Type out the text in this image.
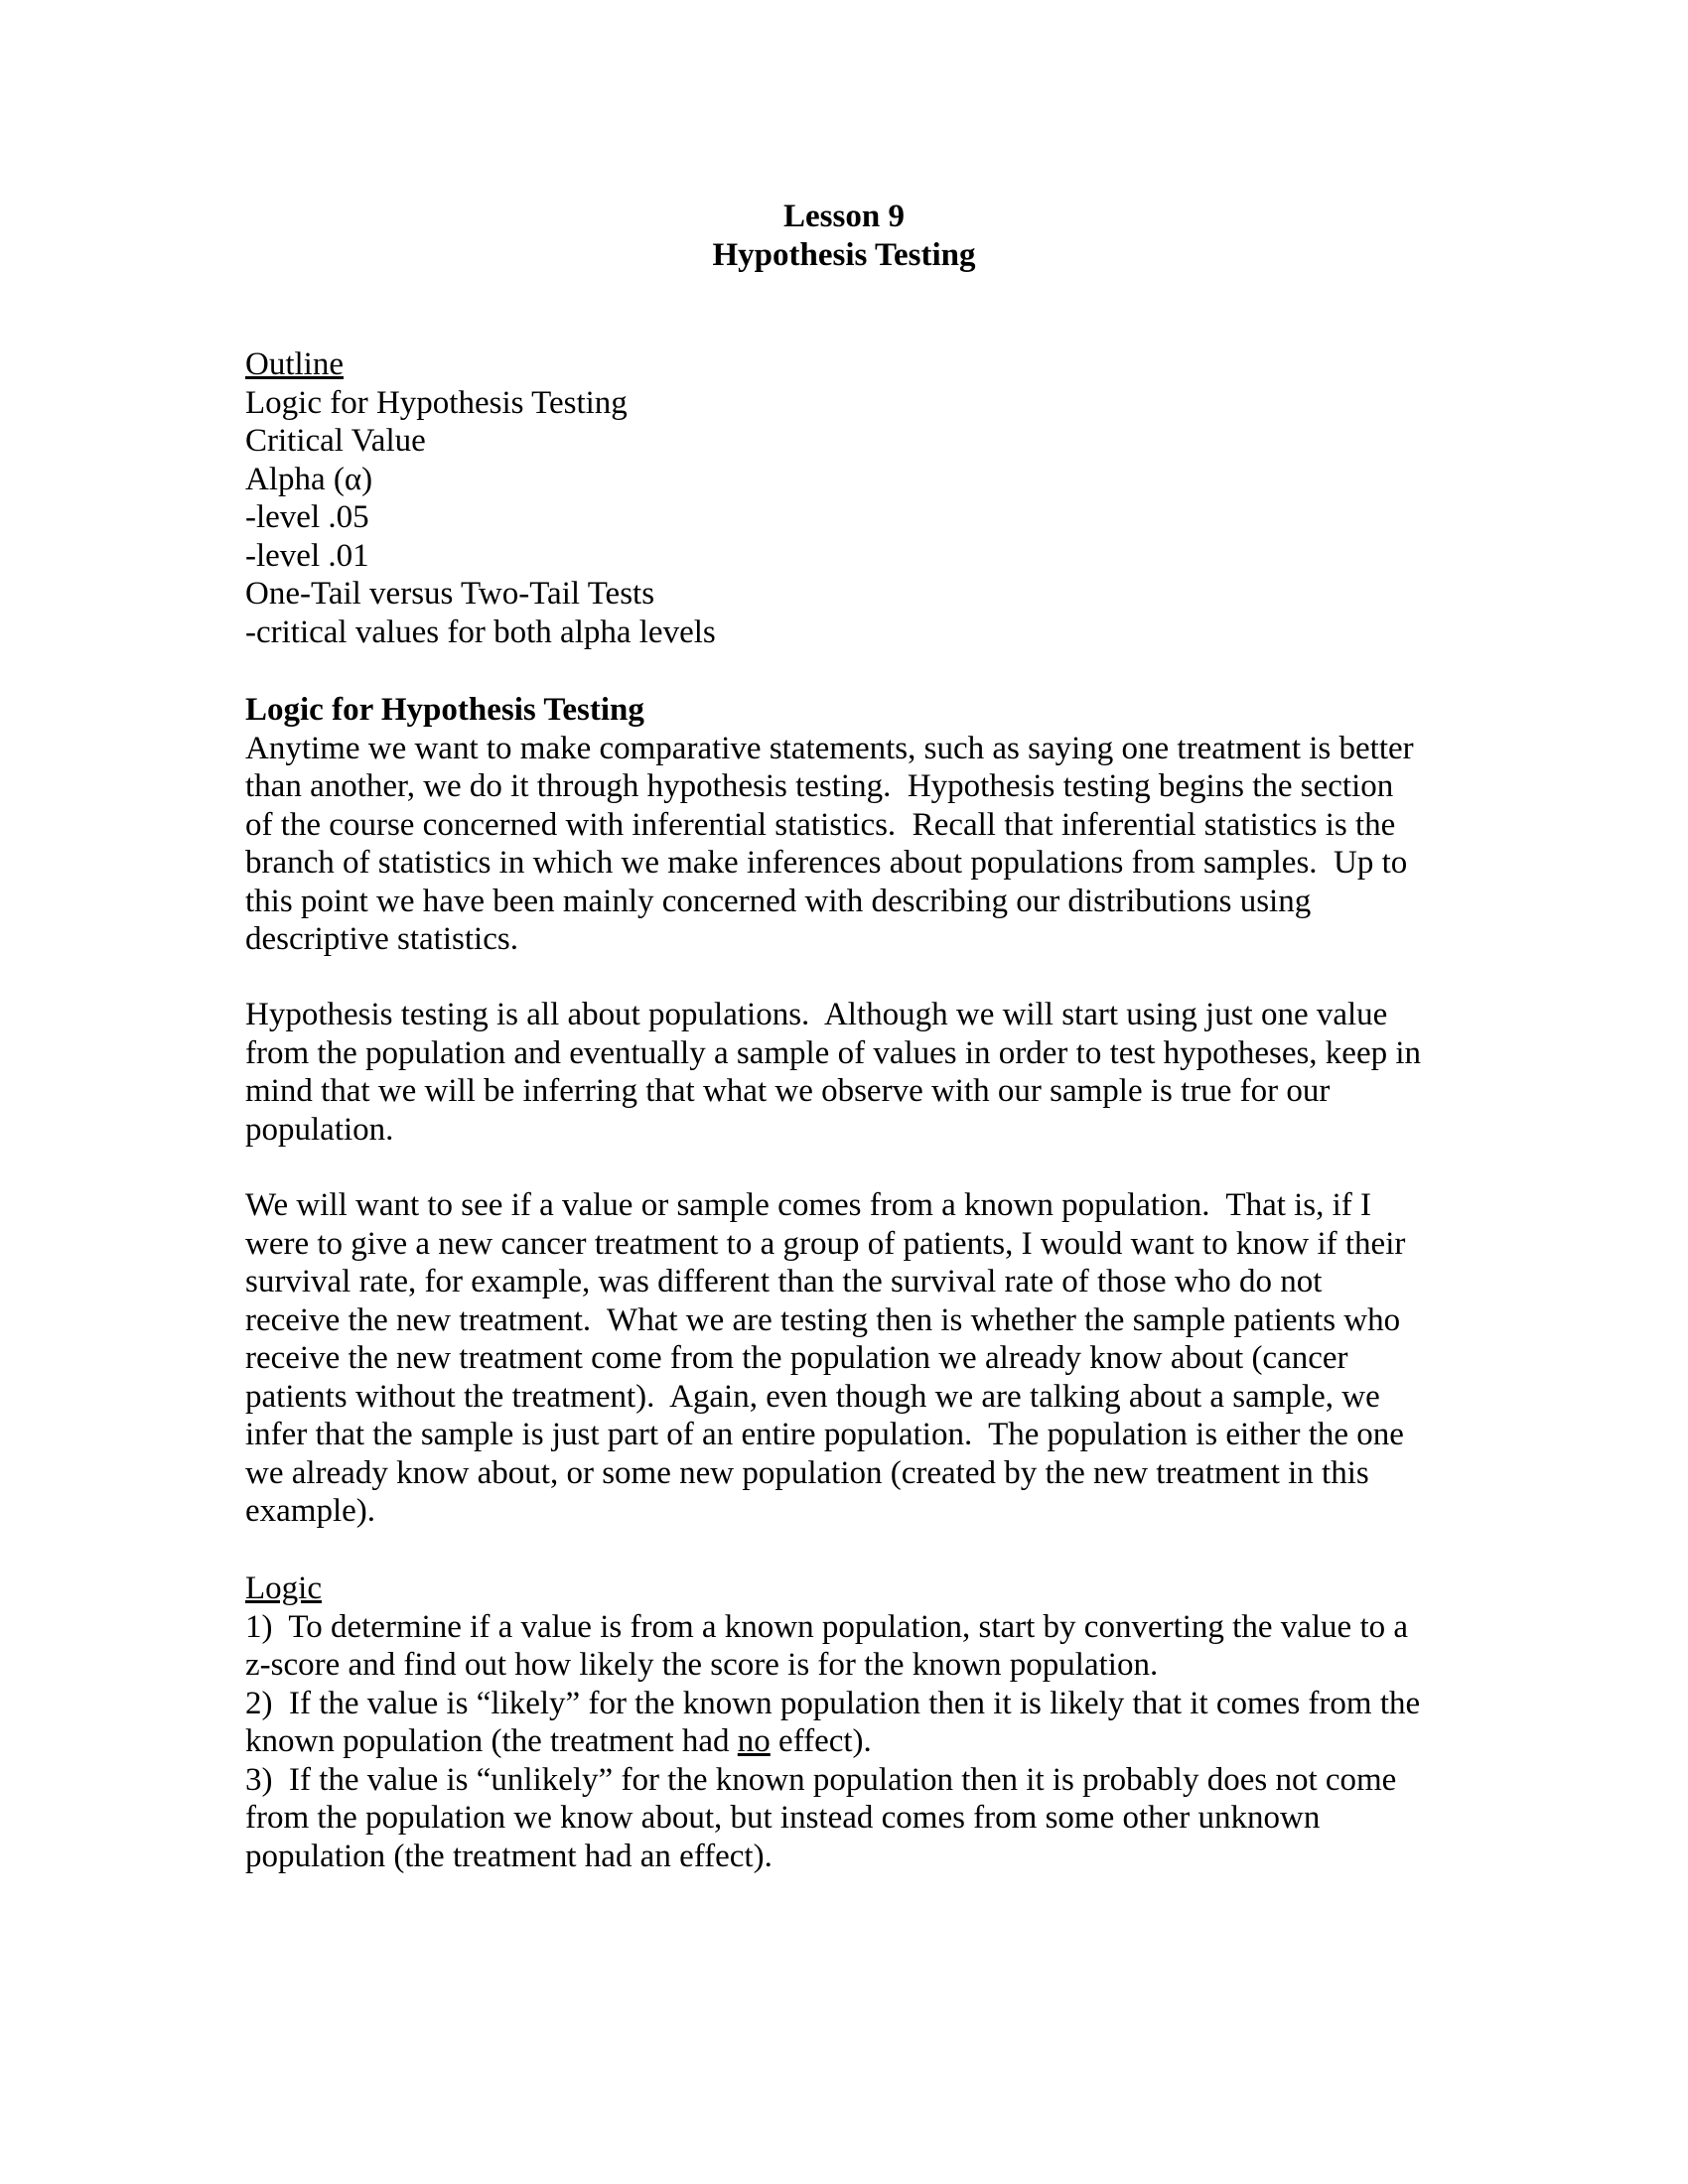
Lesson 9
Hypothesis Testing
Outline
Logic for Hypothesis Testing
Critical Value
Alpha (α)
-level .05
-level .01
One-Tail versus Two-Tail Tests
-critical values for both alpha levels
Logic for Hypothesis Testing
Anytime we want to make comparative statements, such as saying one treatment is better
than another, we do it through hypothesis testing.  Hypothesis testing begins the section
of the course concerned with inferential statistics.  Recall that inferential statistics is the
branch of statistics in which we make inferences about populations from samples.  Up to
this point we have been mainly concerned with describing our distributions using
descriptive statistics.
Hypothesis testing is all about populations.  Although we will start using just one value
from the population and eventually a sample of values in order to test hypotheses, keep in
mind that we will be inferring that what we observe with our sample is true for our
population.
We will want to see if a value or sample comes from a known population.  That is, if I
were to give a new cancer treatment to a group of patients, I would want to know if their
survival rate, for example, was different than the survival rate of those who do not
receive the new treatment.  What we are testing then is whether the sample patients who
receive the new treatment come from the population we already know about (cancer
patients without the treatment).  Again, even though we are talking about a sample, we
infer that the sample is just part of an entire population.  The population is either the one
we already know about, or some new population (created by the new treatment in this
example).
Logic
1)  To determine if a value is from a known population, start by converting the value to a
z-score and find out how likely the score is for the known population.
2)  If the value is “likely” for the known population then it is likely that it comes from the
known population (the treatment had no effect).
3)  If the value is “unlikely” for the known population then it is probably does not come
from the population we know about, but instead comes from some other unknown
population (the treatment had an effect).
